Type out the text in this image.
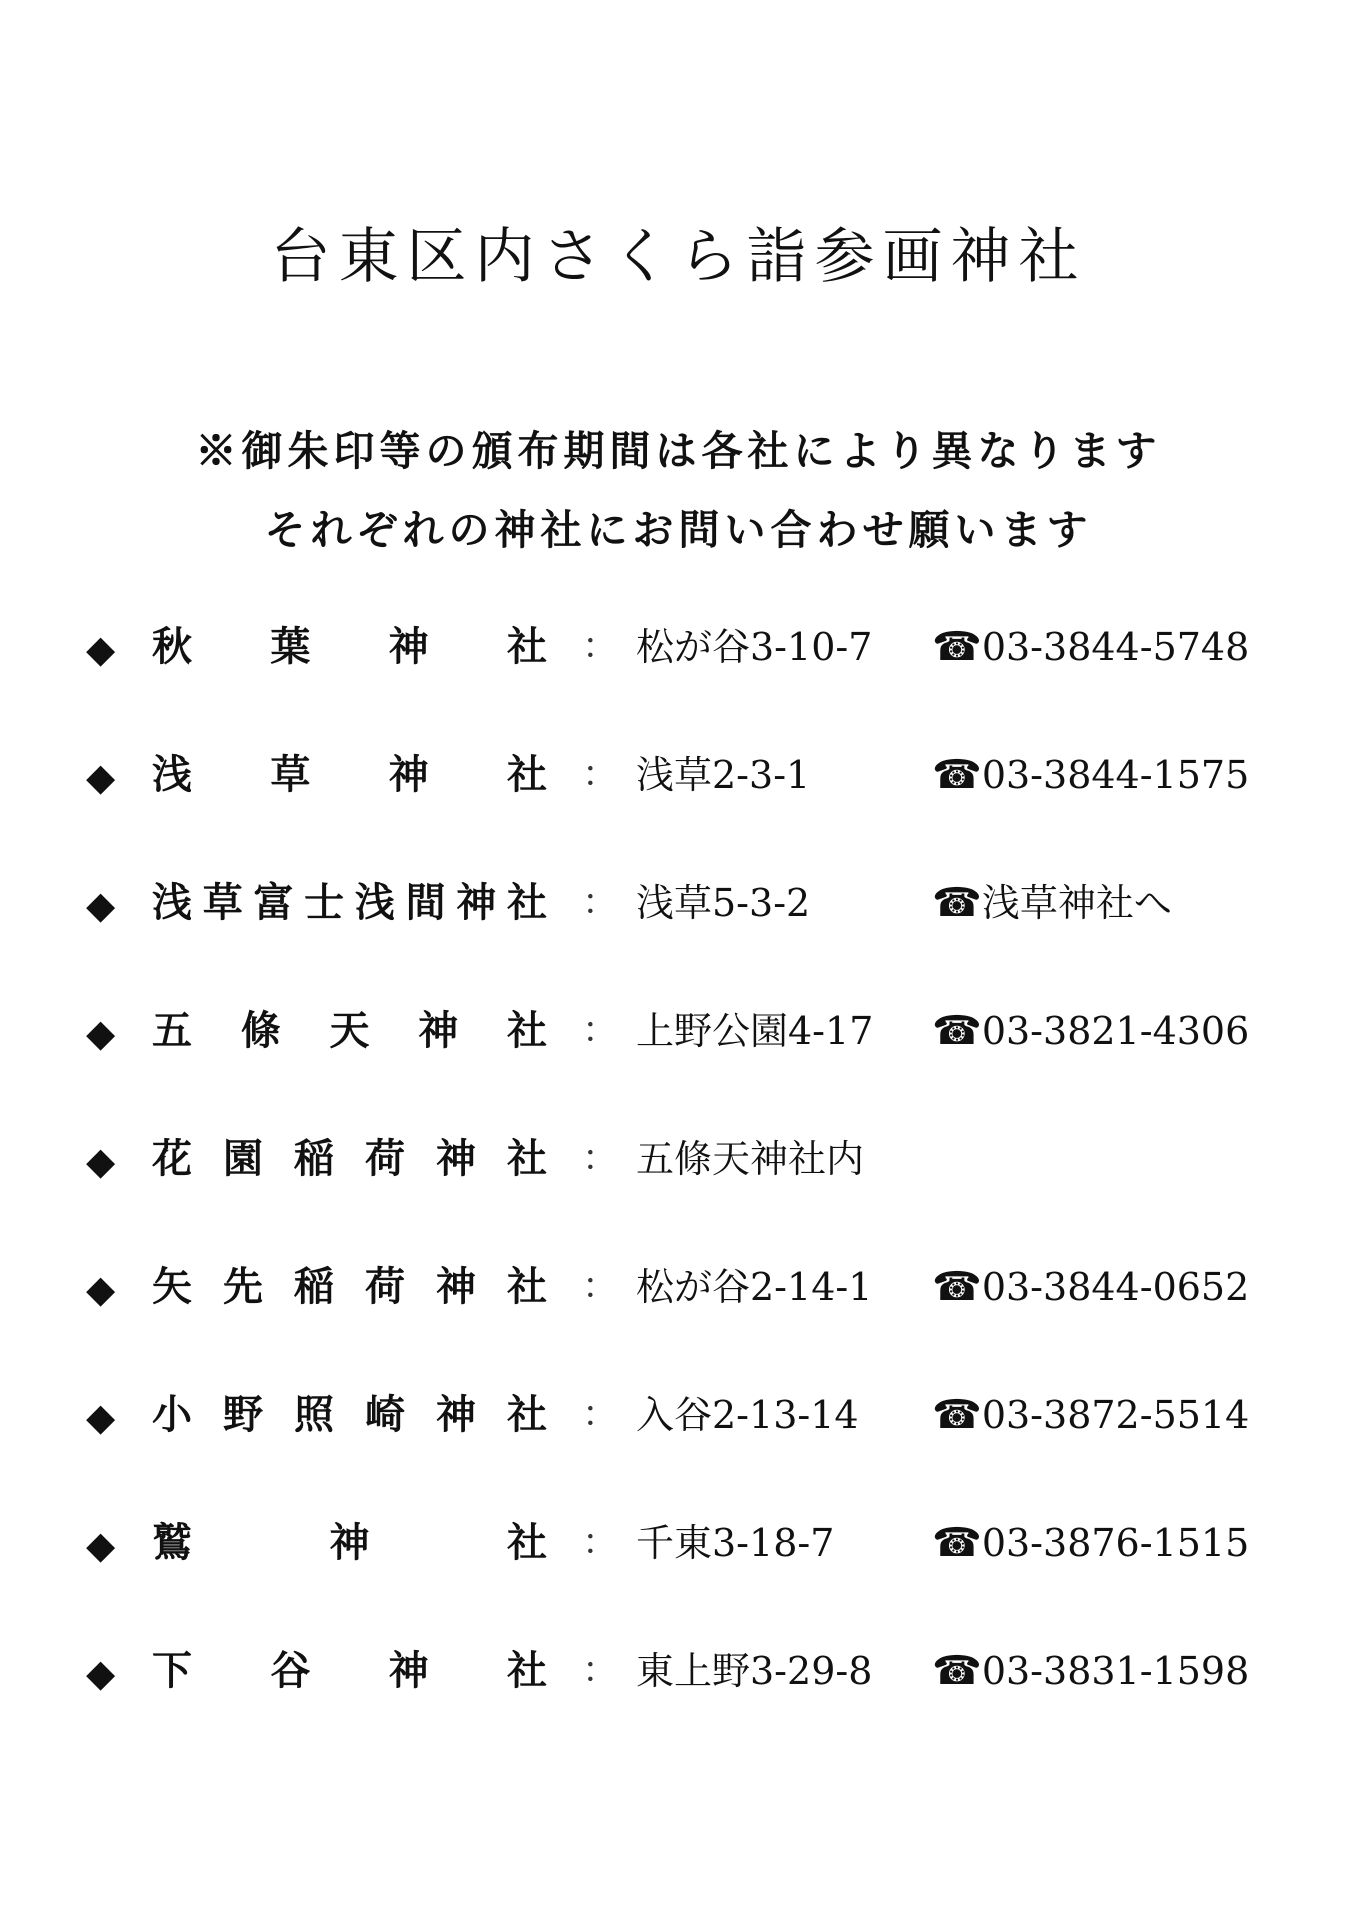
台東区内さくら詣参画神社
※御朱印等の頒布期間は各社により異なります
それぞれの神社にお問い合わせ願います
◆ 秋葉神社 ： 松が谷3-10-7 ☎03-3844-5748
◆ 浅草神社 ： 浅草2-3-1	☎03-3844-1575
◆ 浅草富士浅間神社 ： 浅草5-3-2	☎浅草神社へ
◆ 五條天神社 ： 上野公園4-17 ☎03-3821-4306
◆ 花園稲荷神社 ： 五條天神社内
◆ 矢先稲荷神社 ： 松が谷2-14-1 ☎03-3844-0652
◆ 小野照崎神社 ： 入谷2-13-14 ☎03-3872-5514
◆ 鷲神社 ： 千東3-18-7 ☎03-3876-1515
◆ 下谷神社 ： 東上野3-29-8 ☎03-3831-1598
